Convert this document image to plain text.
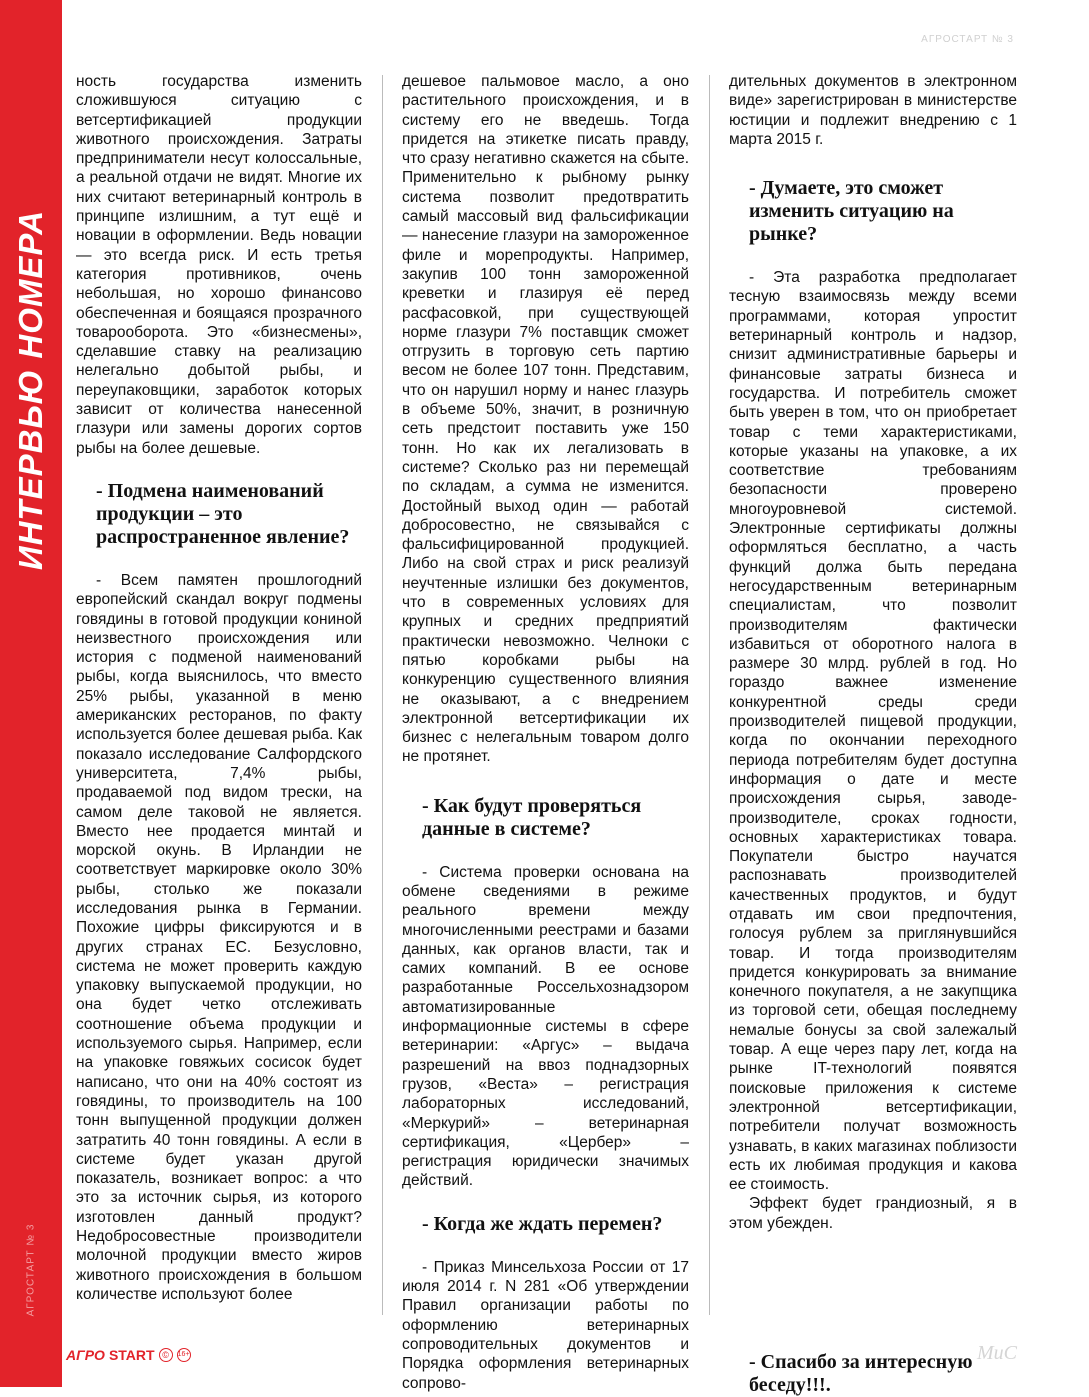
ИНТЕРВЬЮ НОМЕРА
АГРОСТАРТ № 3
АГРОСТАРТ № 3

ность государства изменить сложившуюся ситуацию с ветсертификацией продукции животного происхождения. Затраты предприниматели несут колоссальные, а реальной отдачи не видят. Многие их них считают ветеринарный контроль в принципе излишним, а тут ещё и новации в оформлении. Ведь новации — это всегда риск. И есть третья категория противников, очень небольшая, но хорошо финансово обеспеченная и боящаяся прозрачного товарооборота. Это «бизнесмены», сделавшие ставку на реализацию нелегально добытой рыбы, и переупаковщики, заработок которых зависит от количества нанесенной глазури или замены дорогих сортов рыбы на более дешевые.

- Подмена наименований продукции – это распространенное явление?

- Всем памятен прошлогодний европейский скандал вокруг подмены говядины в готовой продукции кониной неизвестного происхождения или история с подменой наименований рыбы, когда выяснилось, что вместо 25% рыбы, указанной в меню американских ресторанов, по факту используется более дешевая рыба. Как показало исследование Салфордского университета, 7,4% рыбы, продаваемой под видом трески, на самом деле таковой не является. Вместо нее продается минтай и морской окунь. В Ирландии не соответствует маркировке около 30% рыбы, столько же показали исследования рынка в Германии. Похожие цифры фиксируются и в других странах ЕС. Безусловно, система не может проверить каждую упаковку выпускаемой продукции, но она будет четко отслеживать соотношение объема продукции и используемого сырья. Например, если на упаковке говяжьих сосисок будет написано, что они на 40% состоят из говядины, то производитель на 100 тонн выпущенной продукции должен затратить 40 тонн говядины. А если в системе будет указан другой показатель, возникает вопрос: а что это за источник сырья, из которого изготовлен данный продукт? Недобросовестные производители молочной продукции вместо жиров животного происхождения в большом количестве используют более

дешевое пальмовое масло, а оно растительного происхождения, и в систему его не введешь. Тогда придется на этикетке писать правду, что сразу негативно скажется на сбыте. Применительно к рыбному рынку система позволит предотвратить самый массовый вид фальсификации — нанесение глазури на замороженное филе и морепродукты. Например, закупив 100 тонн замороженной креветки и глазируя её перед расфасовкой, при существующей норме глазури 7% поставщик сможет отгрузить в торговую сеть партию весом не более 107 тонн. Представим, что он нарушил норму и нанес глазурь в объеме 50%, значит, в розничную сеть предстоит поставить уже 150 тонн. Но как их легализовать в системе? Сколько раз ни перемещай по складам, а сумма не изменится. Достойный выход один — работай добросовестно, не связывайся с фальсифицированной продукцией. Либо на свой страх и риск реализуй неучтенные излишки без документов, что в современных условиях для крупных и средних предприятий практически невозможно. Челноки с пятью коробками рыбы на конкуренцию существенного влияния не оказывают, а с внедрением электронной ветсертификации их бизнес с нелегальным товаром долго не протянет.

- Как будут проверяться данные в системе?

- Система проверки основана на обмене сведениями в режиме реального времени между многочисленными реестрами и базами данных, как органов власти, так и самих компаний. В ее основе разработанные Россельхознадзором автоматизированные информационные системы в сфере ветеринарии: «Аргус» – выдача разрешений на ввоз поднадзорных грузов, «Веста» – регистрация лабораторных исследований, «Меркурий» – ветеринарная сертификация, «Цербер» – регистрация юридически значимых действий.

- Когда же ждать перемен?

- Приказ Минсельхоза России от 17 июля 2014 г. N 281 «Об утверждении Правил организации работы по оформлению ветеринарных сопроводительных документов и Порядка оформления ветеринарных сопрово-

дительных документов в электронном виде» зарегистрирован в министерстве юстиции и подлежит внедрению с 1 марта 2015 г.

- Думаете, это сможет изменить ситуацию на рынке?

- Эта разработка предполагает тесную взаимосвязь между всеми программами, которая упростит ветеринарный контроль и надзор, снизит административные барьеры и финансовые затраты бизнеса и государства. И потребитель сможет быть уверен в том, что он приобретает товар с теми характеристиками, которые указаны на упаковке, а их соответствие требованиям безопасности проверено многоуровневой системой. Электронные сертификаты должны оформляться бесплатно, а часть функций должа быть передана негосударственным ветеринарным специалистам, что позволит производителям фактически избавиться от оборотного налога в размере 30 млрд. рублей в год. Но гораздо важнее изменение конкурентной среды среди производителей пищевой продукции, когда по окончании переходного периода потребителям будет доступна информация о дате и месте происхождения сырья, заводе-производителе, сроках годности, основных характеристиках товара. Покупатели быстро научатся распознавать производителей качественных продуктов, и будут отдавать им свои предпочтения, голосуя рублем за приглянувшийся товар. И тогда производителям придется конкурировать за внимание конечного покупателя, а не закупщика из торговой сети, обещая последнему немалые бонусы за свой залежалый товар. А еще через пару лет, когда на рынке IT-технологий появятся поисковые приложения к системе электронной ветсертификации, потребители получат возможность узнавать, в каких магазинах поблизости есть их любимая продукция и какова ее стоимость.

Эффект будет грандиозный, я в этом убежден.

- Спасибо за интересную беседу!!!.
АГРО START ©	16+	МиС
